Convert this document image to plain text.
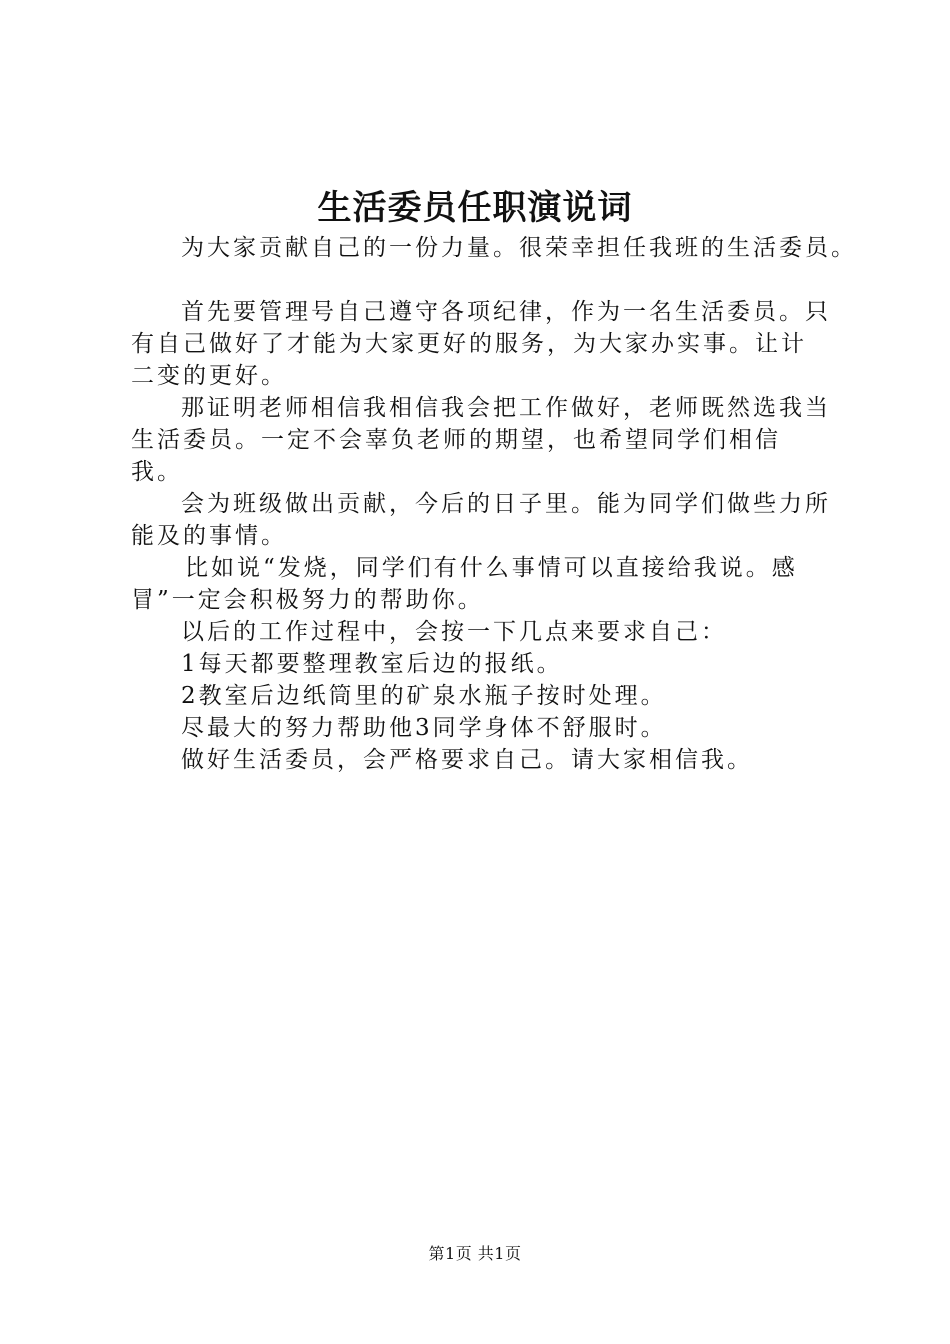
生活委员任职演说词

为大家贡献自己的一份力量。很荣幸担任我班的生活委员。

首先要管理号自己遵守各项纪律，作为一名生活委员。只有自己做好了才能为大家更好的服务，为大家办实事。让计二变的更好。

那证明老师相信我相信我会把工作做好，老师既然选我当生活委员。一定不会辜负老师的期望，也希望同学们相信我。

会为班级做出贡献，今后的日子里。能为同学们做些力所能及的事情。

比如说“发烧，同学们有什么事情可以直接给我说。感冒”一定会积极努力的帮助你。

以后的工作过程中，会按一下几点来要求自己：

1每天都要整理教室后边的报纸。

2教室后边纸筒里的矿泉水瓶子按时处理。

尽最大的努力帮助他3同学身体不舒服时。

做好生活委员，会严格要求自己。请大家相信我。

第1页 共1页
